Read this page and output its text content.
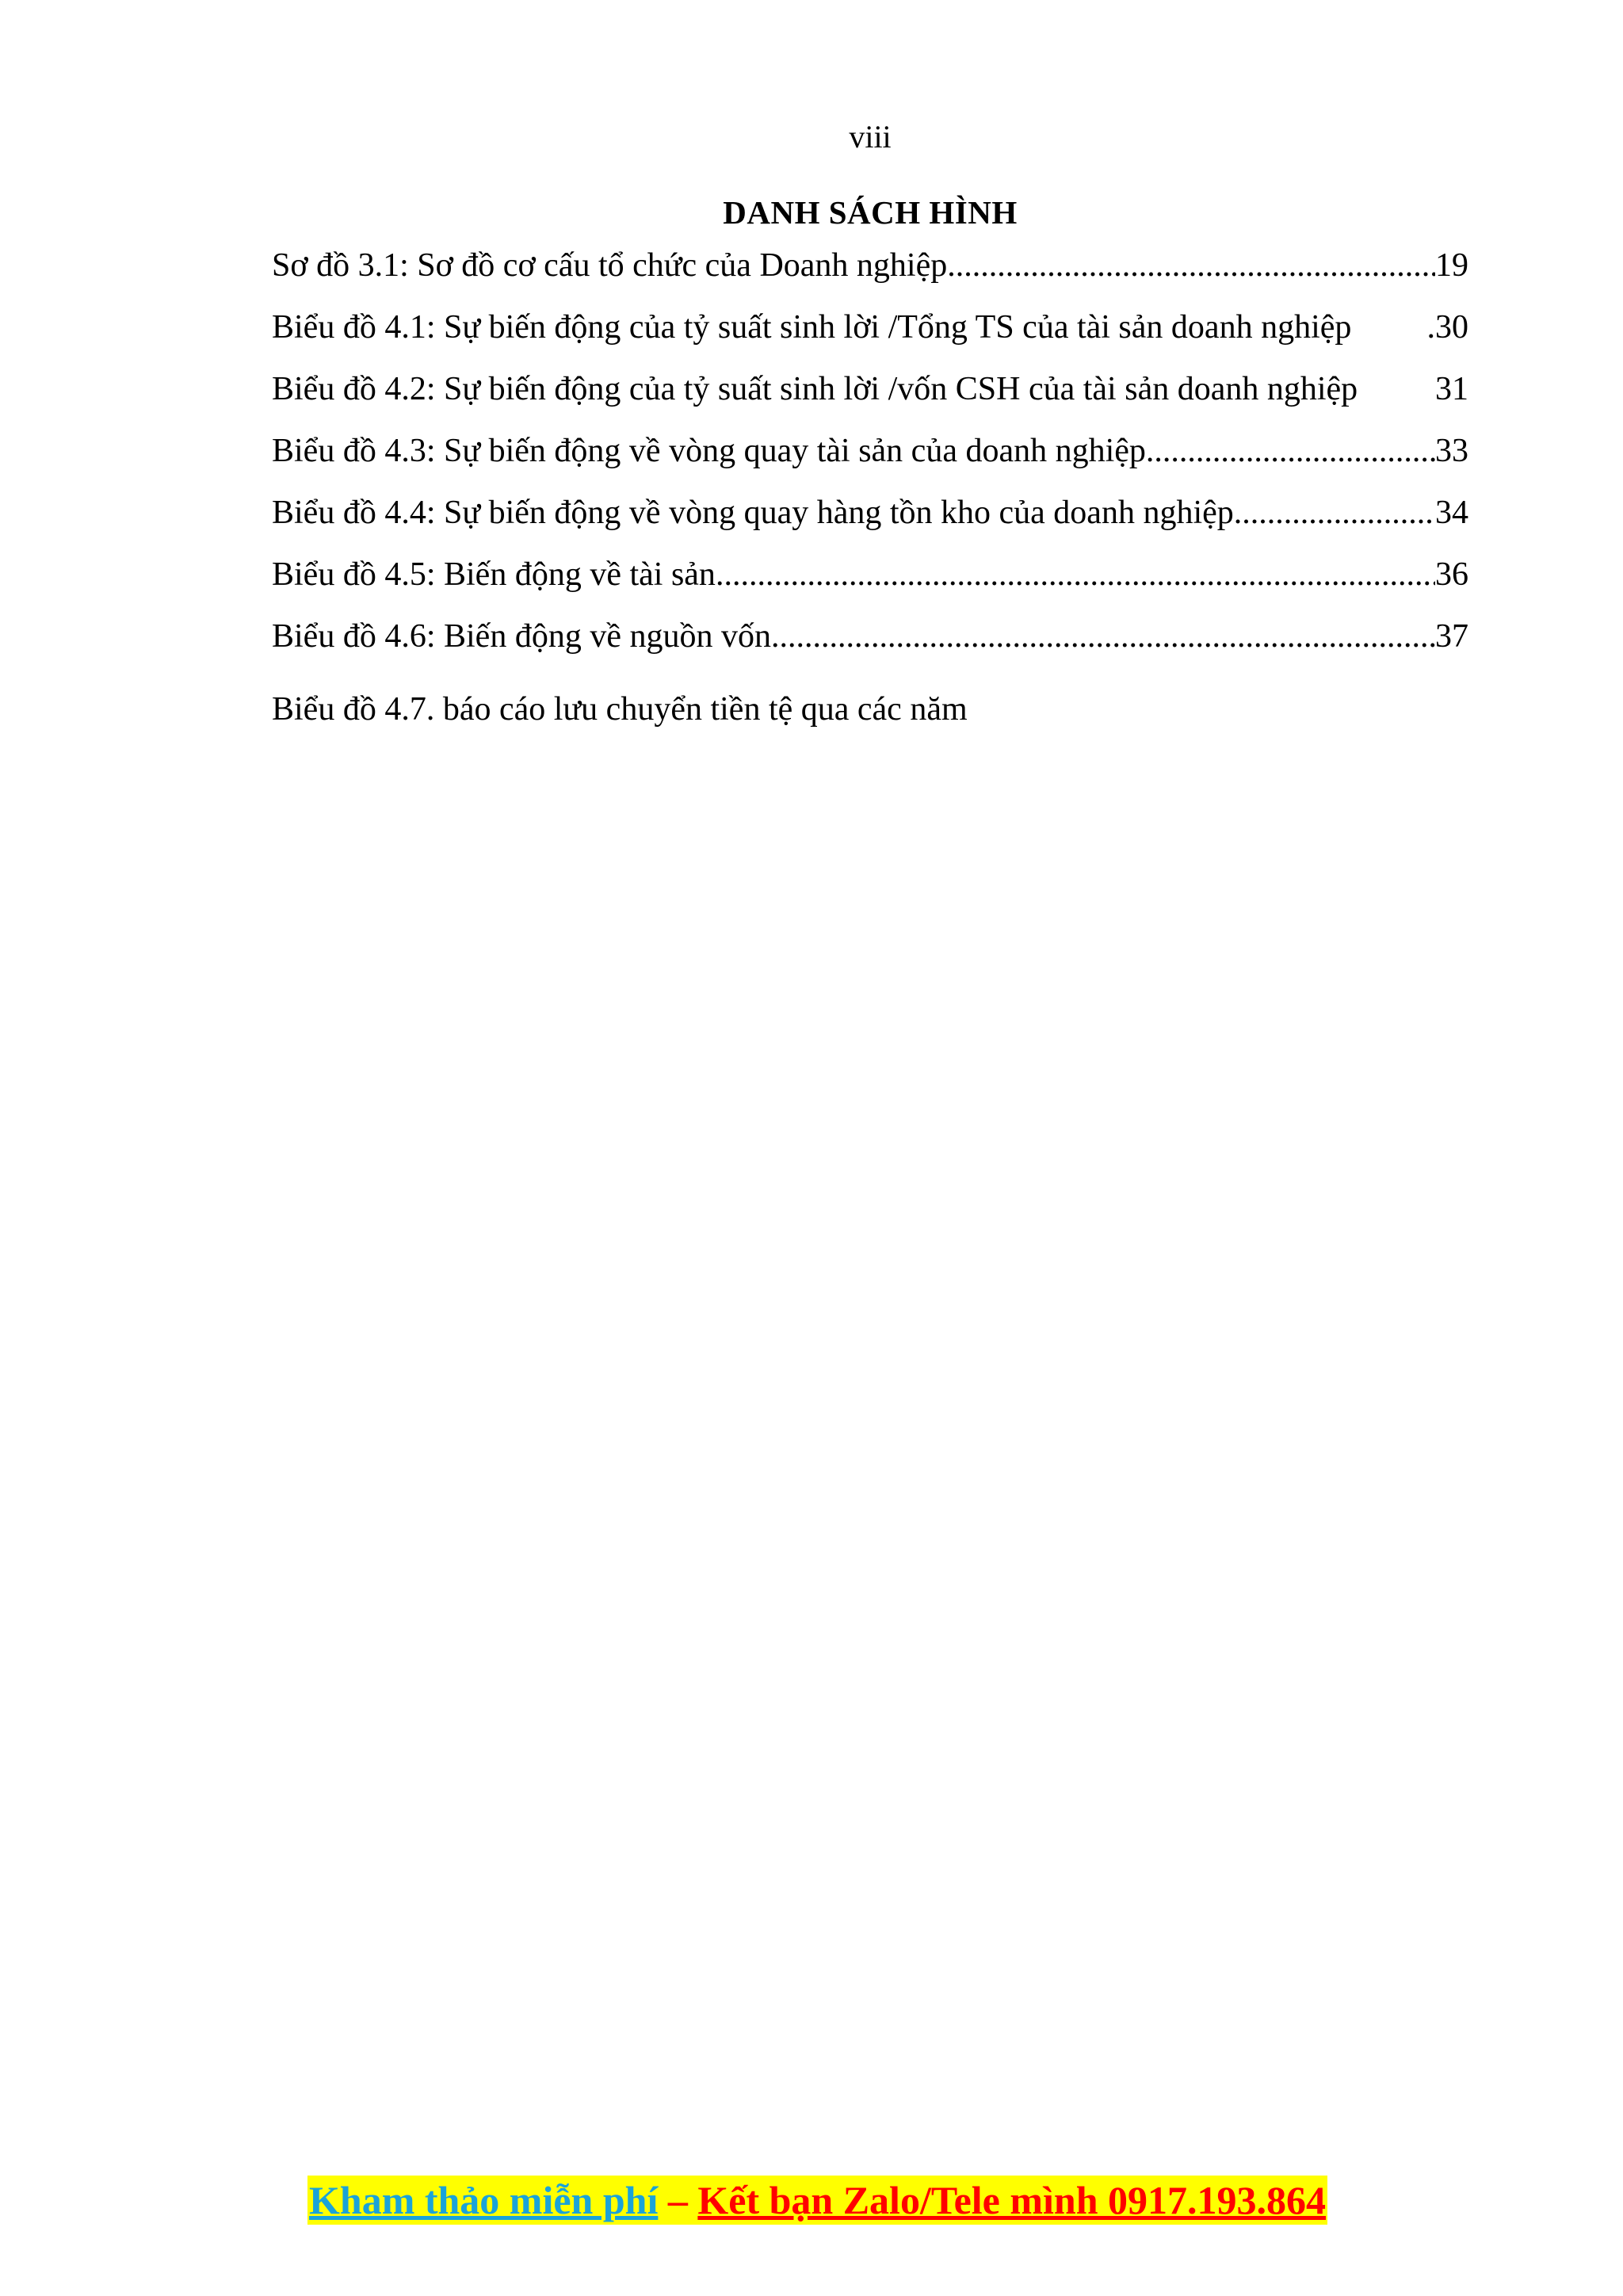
viii
DANH SÁCH HÌNH
Sơ đồ 3.1: Sơ đồ cơ cấu tổ chức của Doanh nghiệp .....	19
Biểu đồ 4.1: Sự biến động của tỷ suất sinh lời /Tổng TS của tài sản doanh nghiệp .30
Biểu đồ 4.2: Sự biến động của tỷ suất sinh lời /vốn CSH của tài sản doanh nghiệp 31
Biểu đồ 4.3: Sự biến động về vòng quay tài sản của doanh nghiệp .....	33
Biểu đồ 4.4: Sự biến động về vòng quay hàng tồn kho của doanh nghiệp .....	34
Biểu đồ 4.5: Biến động về tài sản .....	36
Biểu đồ 4.6: Biến động về nguồn vốn .....	37
Biểu đồ 4.7. báo cáo lưu chuyển tiền tệ qua các năm
Kham thảo miễn phí – Kết bạn Zalo/Tele mình 0917.193.864
